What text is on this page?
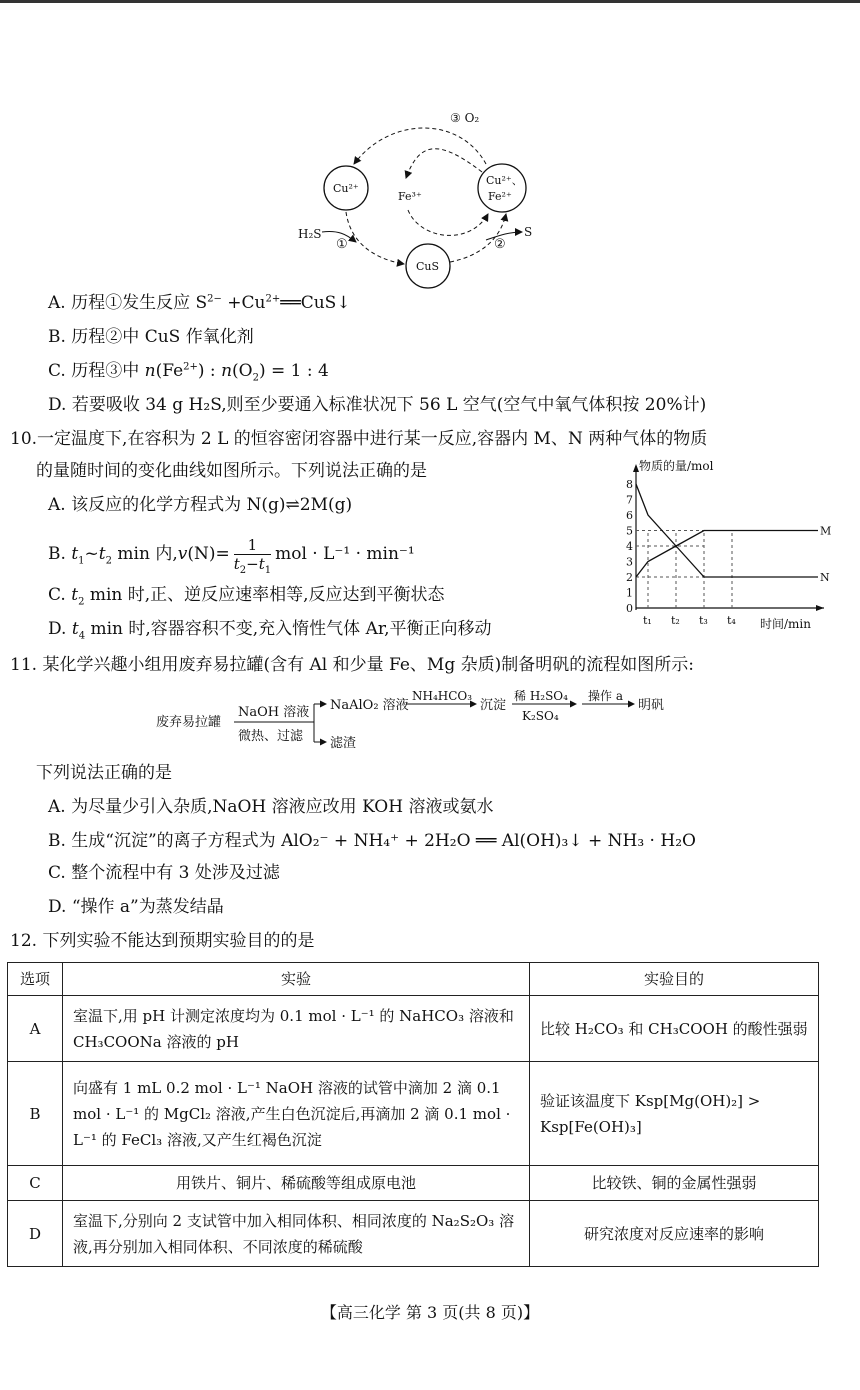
③ O₂
Cu²⁺
Fe³⁺
Cu²⁺、
Fe²⁺
H₂S
①	②
S
CuS
A. 历程①发生反应 $S^{2-}$ $+Cu^{2+}══CuS↓$
B. 历程②中 CuS 作氧化剂
C. 历程③中 $n(Fe^{2+})$ : $n(O_2) = 1$ : 4
D. 若要吸收 34 g H₂S,则至少要通入标准状况下 56 L 空气(空气中氧气体积按 20%计)
10.一定温度下,在容积为 2 L 的恒容密闭容器中进行某一反应,容器内 M、N 两种气体的物质
的量随时间的变化曲线如图所示。下列说法正确的是
A. 该反应的化学方程式为 N(g)⇌2M(g)
B. $t_1\sim t_2$ min 内$,v(N)= \frac{1}{t_2-t_1}$ mol · L⁻¹ · min⁻¹
C. $t_2$ min 时,正、逆反应速率相等,反应达到平衡状态
D. $t_4$ min 时,容器容积不变,充入惰性气体 Ar,平衡正向移动
物质的量/mol
时间/min
0
1
2
3
4
5
6
7
8
t₁ t₂ t₃ t₄
M
N
11. 某化学兴趣小组用废弃易拉罐(含有 Al 和少量 Fe、Mg 杂质)制备明矾的流程如图所示:
废弃易拉罐
NaOH 溶液
微热、过滤
NaAlO₂ 溶液
滤渣
NH₄HCO₃
沉淀
稀 H₂SO₄
K₂SO₄
操作 a
明矾
下列说法正确的是
A. 为尽量少引入杂质,NaOH 溶液应改用 KOH 溶液或氨水
B. 生成“沉淀”的离子方程式为 AlO₂⁻ + NH₄⁺ + 2H₂O ══ Al(OH)₃↓ + NH₃ · H₂O
C. 整个流程中有 3 处涉及过滤
D. “操作 a”为蒸发结晶
12. 下列实验不能达到预期实验目的的是
选项	实验	实验目的
A	室温下,用 pH 计测定浓度均为 0.1 mol · L⁻¹ 的 NaHCO₃ 溶液和 CH₃COONa 溶液的 pH	比较 H₂CO₃ 和 CH₃COOH 的酸性强弱
B	向盛有 1 mL 0.2 mol · L⁻¹ NaOH 溶液的试管中滴加 2 滴 0.1 mol · L⁻¹ 的 MgCl₂ 溶液,产生白色沉淀后,再滴加 2 滴 0.1 mol · L⁻¹ 的 FeCl₃ 溶液,又产生红褐色沉淀	验证该温度下 Ksp[Mg(OH)₂] > Ksp[Fe(OH)₃]
C	用铁片、铜片、稀硫酸等组成原电池	比较铁、铜的金属性强弱
D	室温下,分别向 2 支试管中加入相同体积、相同浓度的 Na₂S₂O₃ 溶液,再分别加入相同体积、不同浓度的稀硫酸	研究浓度对反应速率的影响
【高三化学 第 3 页(共 8 页)】
